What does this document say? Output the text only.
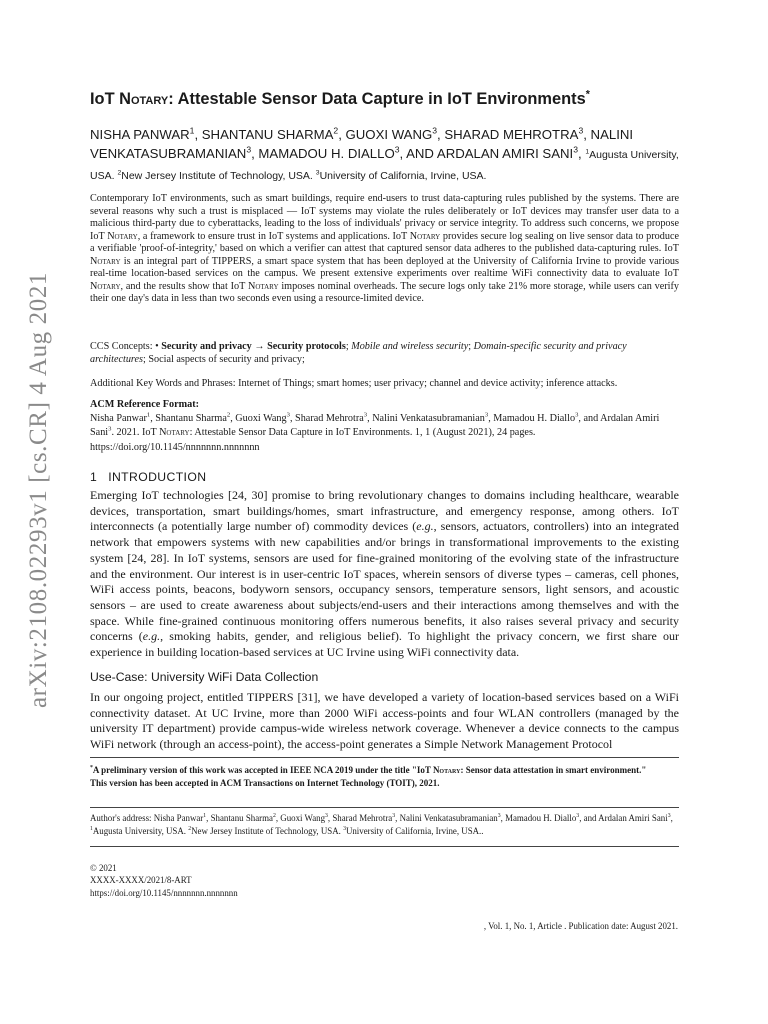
arXiv:2108.02293v1 [cs.CR] 4 Aug 2021
IoT Notary: Attestable Sensor Data Capture in IoT Environments*
NISHA PANWAR$^1$, SHANTANU SHARMA$^2$, GUOXI WANG$^3$, SHARAD MEHROTRA$^3$, NALINI VENKATASUBRAMANIAN$^3$, MAMADOU H. DIALLO$^3$, AND ARDALAN AMIRI SANI$^3$, $^1$Augusta University, USA. $^2$New Jersey Institute of Technology, USA. $^3$University of California, Irvine, USA.
Contemporary IoT environments, such as smart buildings, require end-users to trust data-capturing rules published by the systems. There are several reasons why such a trust is misplaced — IoT systems may violate the rules deliberately or IoT devices may transfer user data to a malicious third-party due to cyberattacks, leading to the loss of individuals' privacy or service integrity. To address such concerns, we propose IoT Notary, a framework to ensure trust in IoT systems and applications. IoT Notary provides secure log sealing on live sensor data to produce a verifiable 'proof-of-integrity,' based on which a verifier can attest that captured sensor data adheres to the published data-capturing rules. IoT Notary is an integral part of TIPPERS, a smart space system that has been deployed at the University of California Irvine to provide various real-time location-based services on the campus. We present extensive experiments over realtime WiFi connectivity data to evaluate IoT Notary, and the results show that IoT Notary imposes nominal overheads. The secure logs only take 21% more storage, while users can verify their one day's data in less than two seconds even using a resource-limited device.
CCS Concepts: • Security and privacy → Security protocols; Mobile and wireless security; Domain-specific security and privacy architectures; Social aspects of security and privacy;
Additional Key Words and Phrases: Internet of Things; smart homes; user privacy; channel and device activity; inference attacks.
ACM Reference Format:
Nisha Panwar$^1$, Shantanu Sharma$^2$, Guoxi Wang$^3$, Sharad Mehrotra$^3$, Nalini Venkatasubramanian$^3$, Mamadou H. Diallo$^3$, and Ardalan Amiri Sani$^3$. 2021. IoT Notary: Attestable Sensor Data Capture in IoT Environments. 1, 1 (August 2021), 24 pages. https://doi.org/10.1145/nnnnnnn.nnnnnnn
1 INTRODUCTION
Emerging IoT technologies [24, 30] promise to bring revolutionary changes to domains including healthcare, wearable devices, transportation, smart buildings/homes, smart infrastructure, and emergency response, among others. IoT interconnects (a potentially large number of) commodity devices (e.g., sensors, actuators, controllers) into an integrated network that empowers systems with new capabilities and/or brings in transformational improvements to the existing system [24, 28]. In IoT systems, sensors are used for fine-grained monitoring of the evolving state of the infrastructure and the environment. Our interest is in user-centric IoT spaces, wherein sensors of diverse types – cameras, cell phones, WiFi access points, beacons, bodyworn sensors, occupancy sensors, temperature sensors, light sensors, and acoustic sensors – are used to create awareness about subjects/end-users and their interactions among themselves and with the space. While fine-grained continuous monitoring offers numerous benefits, it also raises several privacy and security concerns (e.g., smoking habits, gender, and religious belief). To highlight the privacy concern, we first share our experience in building location-based services at UC Irvine using WiFi connectivity data.
Use-Case: University WiFi Data Collection
In our ongoing project, entitled TIPPERS [31], we have developed a variety of location-based services based on a WiFi connectivity dataset. At UC Irvine, more than 2000 WiFi access-points and four WLAN controllers (managed by the university IT department) provide campus-wide wireless network coverage. Whenever a device connects to the campus WiFi network (through an access-point), the access-point generates a Simple Network Management Protocol
*A preliminary version of this work was accepted in IEEE NCA 2019 under the title "IoT Notary: Sensor data attestation in smart environment."
This version has been accepted in ACM Transactions on Internet Technology (TOIT), 2021.
Author's address: Nisha Panwar$^1$, Shantanu Sharma$^2$, Guoxi Wang$^3$, Sharad Mehrotra$^3$, Nalini Venkatasubramanian$^3$, Mamadou H. Diallo$^3$, and Ardalan Amiri Sani$^3$, $^1$Augusta University, USA. $^2$New Jersey Institute of Technology, USA. $^3$University of California, Irvine, USA..
© 2021
XXXX-XXXX/2021/8-ART
https://doi.org/10.1145/nnnnnnn.nnnnnnn
, Vol. 1, No. 1, Article . Publication date: August 2021.
